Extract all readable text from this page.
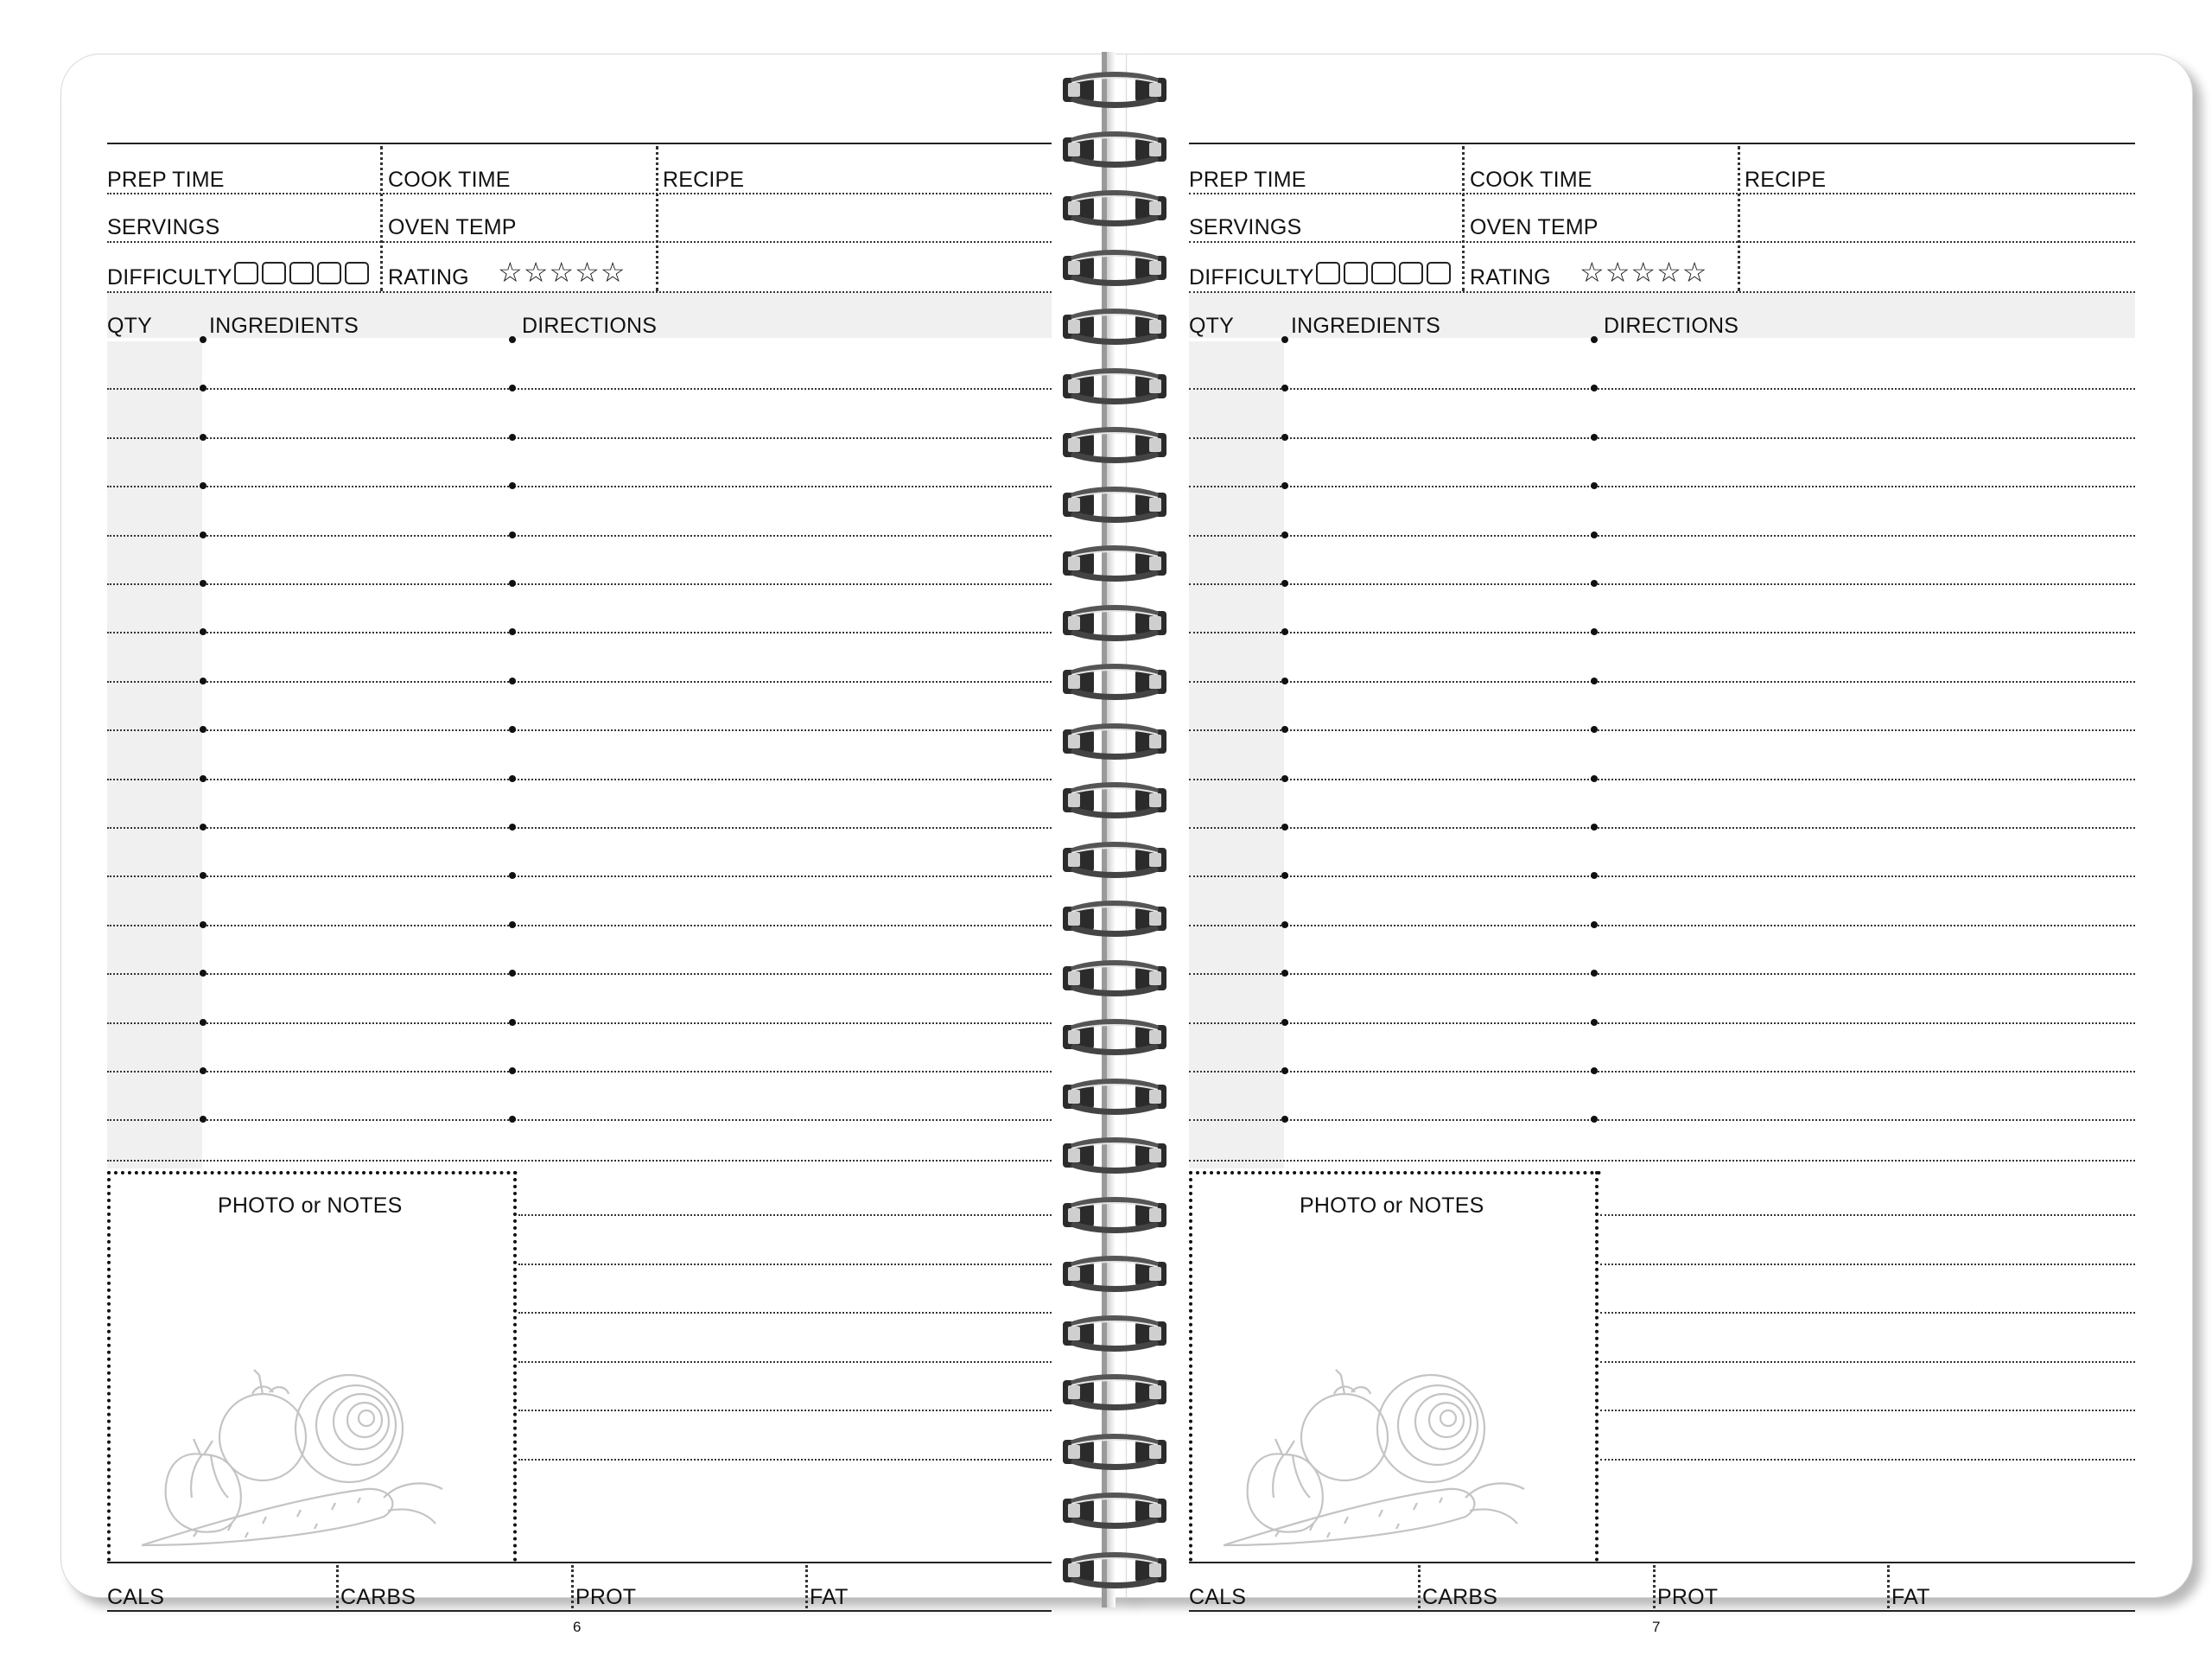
PREP TIME	COOK TIME	RECIPE
SERVINGS	OVEN TEMP
DIFFICULTY	RATING ☆☆☆☆☆
QTY	INGREDIENTS	DIRECTIONS
PHOTO or NOTES
CALS	CARBS	PROT	FAT
6
PREP TIME	COOK TIME	RECIPE
SERVINGS	OVEN TEMP
DIFFICULTY	RATING ☆☆☆☆☆
QTY	INGREDIENTS	DIRECTIONS
PHOTO or NOTES
CALS	CARBS	PROT	FAT
7
